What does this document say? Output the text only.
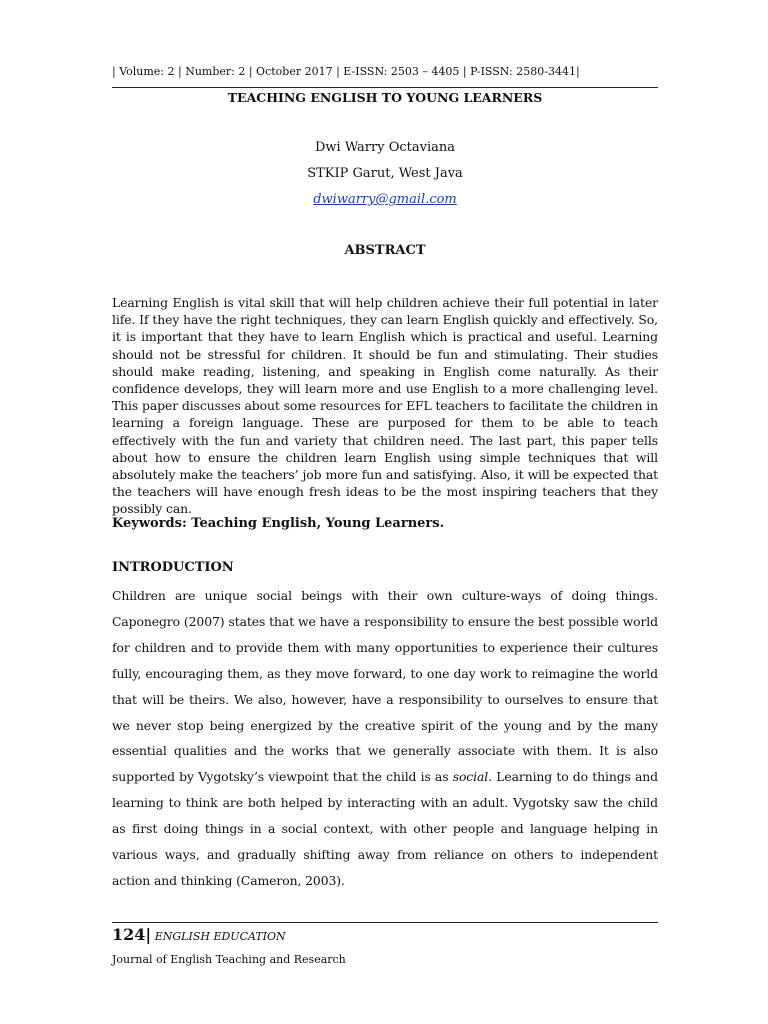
| Volume: 2 | Number: 2 | October 2017 | E-ISSN: 2503 – 4405 | P-ISSN: 2580-3441|
TEACHING ENGLISH TO YOUNG LEARNERS
Dwi Warry Octaviana
STKIP Garut, West Java
dwiwarry@gmail.com
ABSTRACT
Learning English is vital skill that will help children achieve their full potential in later life. If they have the right techniques, they can learn English quickly and effectively. So, it is important that they have to learn English which is practical and useful. Learning should not be stressful for children. It should be fun and stimulating. Their studies should make reading, listening, and speaking in English come naturally. As their confidence develops, they will learn more and use English to a more challenging level. This paper discusses about some resources for EFL teachers to facilitate the children in learning a foreign language. These are purposed for them to be able to teach effectively with the fun and variety that children need. The last part, this paper tells about how to ensure the children learn English using simple techniques that will absolutely make the teachers’ job more fun and satisfying. Also, it will be expected that the teachers will have enough fresh ideas to be the most inspiring teachers that they possibly can.
Keywords: Teaching English, Young Learners.
INTRODUCTION
Children are unique social beings with their own culture-ways of doing things. Caponegro (2007) states that we have a responsibility to ensure the best possible world for children and to provide them with many opportunities to experience their cultures fully, encouraging them, as they move forward, to one day work to reimagine the world that will be theirs. We also, however, have a responsibility to ourselves to ensure that we never stop being energized by the creative spirit of the young and by the many essential qualities and the works that we generally associate with them. It is also supported by Vygotsky’s viewpoint that the child is as social. Learning to do things and learning to think are both helped by interacting with an adult. Vygotsky saw the child as first doing things in a social context, with other people and language helping in various ways, and gradually shifting away from reliance on others to independent action and thinking (Cameron, 2003).
124| ENGLISH EDUCATION
Journal of English Teaching and Research
